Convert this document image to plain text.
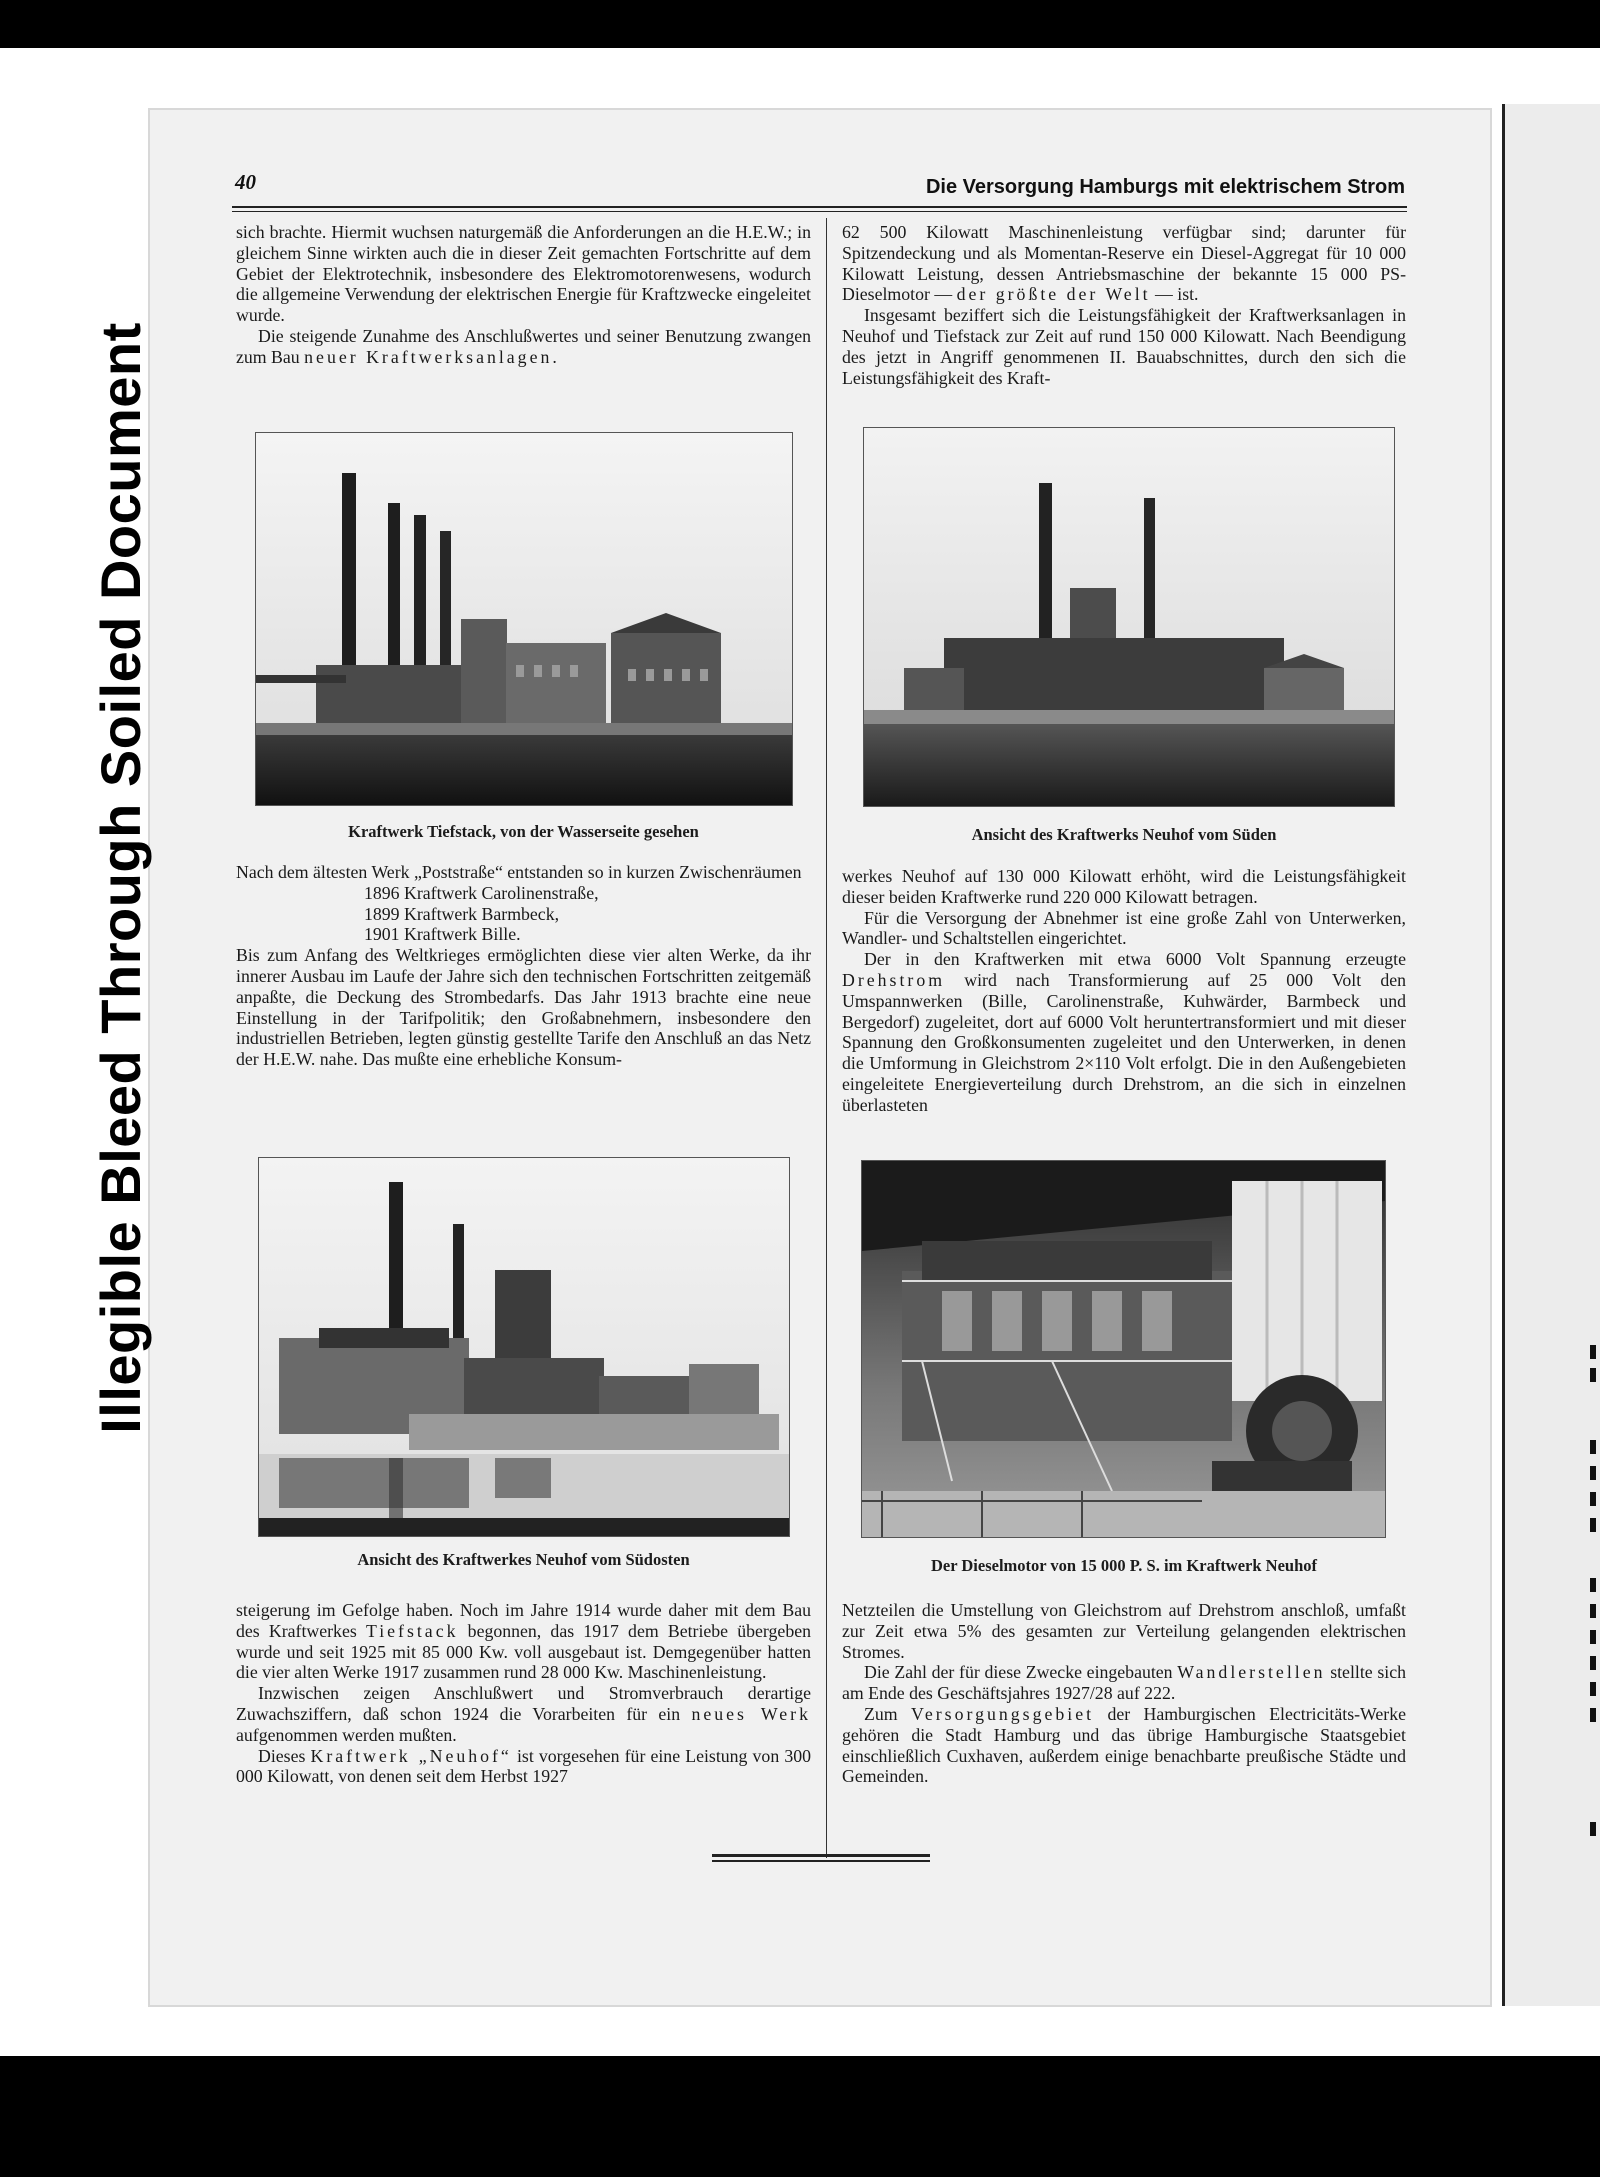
Illegible Bleed Through Soiled Document
40	Die Versorgung Hamburgs mit elektrischem Strom

sich brachte. Hiermit wuchsen naturgemäß die Anforderungen an die H.E.W.; in gleichem Sinne wirkten auch die in dieser Zeit gemachten Fortschritte auf dem Gebiet der Elektrotechnik, insbesondere des Elektromotorenwesens, wodurch die allgemeine Verwendung der elektrischen Energie für Kraftzwecke eingeleitet wurde.

Die steigende Zunahme des Anschlußwertes und seiner Benutzung zwangen zum Bau neuer Kraftwerksanlagen.

62 500 Kilowatt Maschinenleistung verfügbar sind; darunter für Spitzendeckung und als Momentan-Reserve ein Diesel-Aggregat für 10 000 Kilowatt Leistung, dessen Antriebsmaschine der bekannte 15 000 PS-Dieselmotor — der größte der Welt — ist.

Insgesamt beziffert sich die Leistungsfähigkeit der Kraftwerksanlagen in Neuhof und Tiefstack zur Zeit auf rund 150 000 Kilowatt. Nach Beendigung des jetzt in Angriff genommenen II. Bauabschnittes, durch den sich die Leistungsfähigkeit des Kraft-

Kraftwerk Tiefstack, von der Wasserseite gesehen	Ansicht des Kraftwerks Neuhof vom Süden

Nach dem ältesten Werk „Poststraße“ entstanden so in kurzen Zwischenräumen

1896 Kraftwerk Carolinenstraße,

1899 Kraftwerk Barmbeck,

1901 Kraftwerk Bille.

Bis zum Anfang des Weltkrieges ermöglichten diese vier alten Werke, da ihr innerer Ausbau im Laufe der Jahre sich den technischen Fortschritten zeitgemäß anpaßte, die Deckung des Strombedarfs. Das Jahr 1913 brachte eine neue Einstellung in der Tarifpolitik; den Großabnehmern, insbesondere den industriellen Betrieben, legten günstig gestellte Tarife den Anschluß an das Netz der H.E.W. nahe. Das mußte eine erhebliche Konsum-

werkes Neuhof auf 130 000 Kilowatt erhöht, wird die Leistungsfähigkeit dieser beiden Kraftwerke rund 220 000 Kilowatt betragen.

Für die Versorgung der Abnehmer ist eine große Zahl von Unterwerken, Wandler- und Schaltstellen eingerichtet.

Der in den Kraftwerken mit etwa 6000 Volt Spannung erzeugte Drehstrom wird nach Transformierung auf 25 000 Volt den Umspannwerken (Bille, Carolinenstraße, Kuhwärder, Barmbeck und Bergedorf) zugeleitet, dort auf 6000 Volt heruntertransformiert und mit dieser Spannung den Großkonsumenten zugeleitet und den Unterwerken, in denen die Umformung in Gleichstrom 2×110 Volt erfolgt. Die in den Außengebieten eingeleitete Energieverteilung durch Drehstrom, an die sich in einzelnen überlasteten

Ansicht des Kraftwerkes Neuhof vom Südosten	Der Dieselmotor von 15 000 P. S. im Kraftwerk Neuhof

steigerung im Gefolge haben. Noch im Jahre 1914 wurde daher mit dem Bau des Kraftwerkes Tiefstack begonnen, das 1917 dem Betriebe übergeben wurde und seit 1925 mit 85 000 Kw. voll ausgebaut ist. Demgegenüber hatten die vier alten Werke 1917 zusammen rund 28 000 Kw. Maschinenleistung.

Inzwischen zeigen Anschlußwert und Stromverbrauch derartige Zuwachsziffern, daß schon 1924 die Vorarbeiten für ein neues Werk aufgenommen werden mußten.

Dieses Kraftwerk „Neuhof“ ist vorgesehen für eine Leistung von 300 000 Kilowatt, von denen seit dem Herbst 1927

Netzteilen die Umstellung von Gleichstrom auf Drehstrom anschloß, umfaßt zur Zeit etwa 5% des gesamten zur Verteilung gelangenden elektrischen Stromes.

Die Zahl der für diese Zwecke eingebauten Wandlerstellen stellte sich am Ende des Geschäftsjahres 1927/28 auf 222.

Zum Versorgungsgebiet der Hamburgischen Electricitäts-Werke gehören die Stadt Hamburg und das übrige Hamburgische Staatsgebiet einschließlich Cuxhaven, außerdem einige benachbarte preußische Städte und Gemeinden.
